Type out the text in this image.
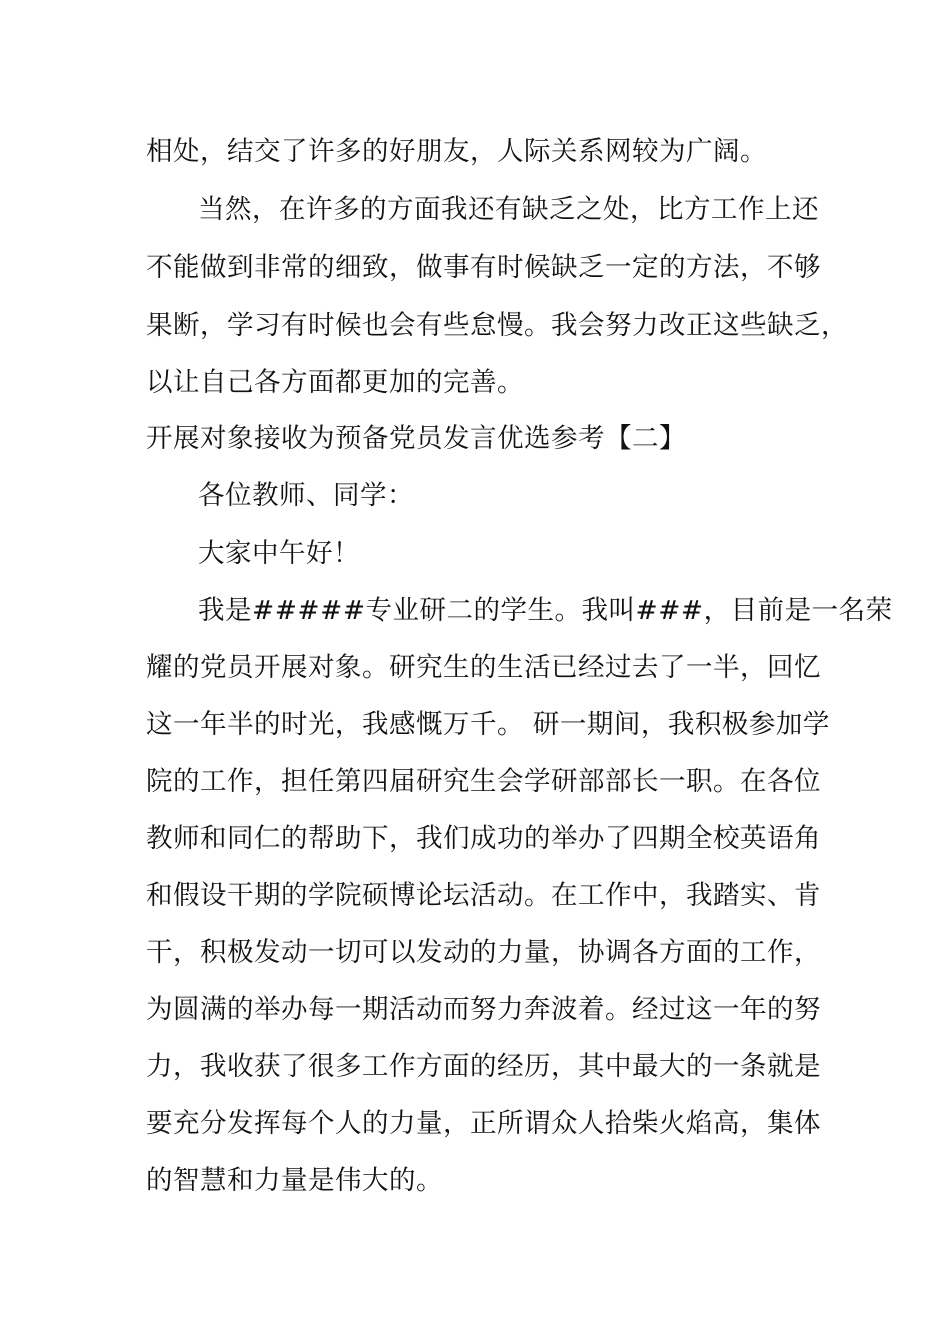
相处，结交了许多的好朋友，人际关系网较为广阔。
当然，在许多的方面我还有缺乏之处，比方工作上还
不能做到非常的细致，做事有时候缺乏一定的方法，不够
果断，学习有时候也会有些怠慢。我会努力改正这些缺乏，
以让自己各方面都更加的完善。
开展对象接收为预备党员发言优选参考【二】
各位教师、同学：
大家中午好！
我是#####专业研二的学生。我叫###，目前是一名荣
耀的党员开展对象。研究生的生活已经过去了一半，回忆
这一年半的时光，我感慨万千。 研一期间，我积极参加学
院的工作，担任第四届研究生会学研部部长一职。在各位
教师和同仁的帮助下，我们成功的举办了四期全校英语角
和假设干期的学院硕博论坛活动。在工作中，我踏实、肯
干，积极发动一切可以发动的力量，协调各方面的工作，
为圆满的举办每一期活动而努力奔波着。经过这一年的努
力，我收获了很多工作方面的经历，其中最大的一条就是
要充分发挥每个人的力量，正所谓众人拾柴火焰高，集体
的智慧和力量是伟大的。
